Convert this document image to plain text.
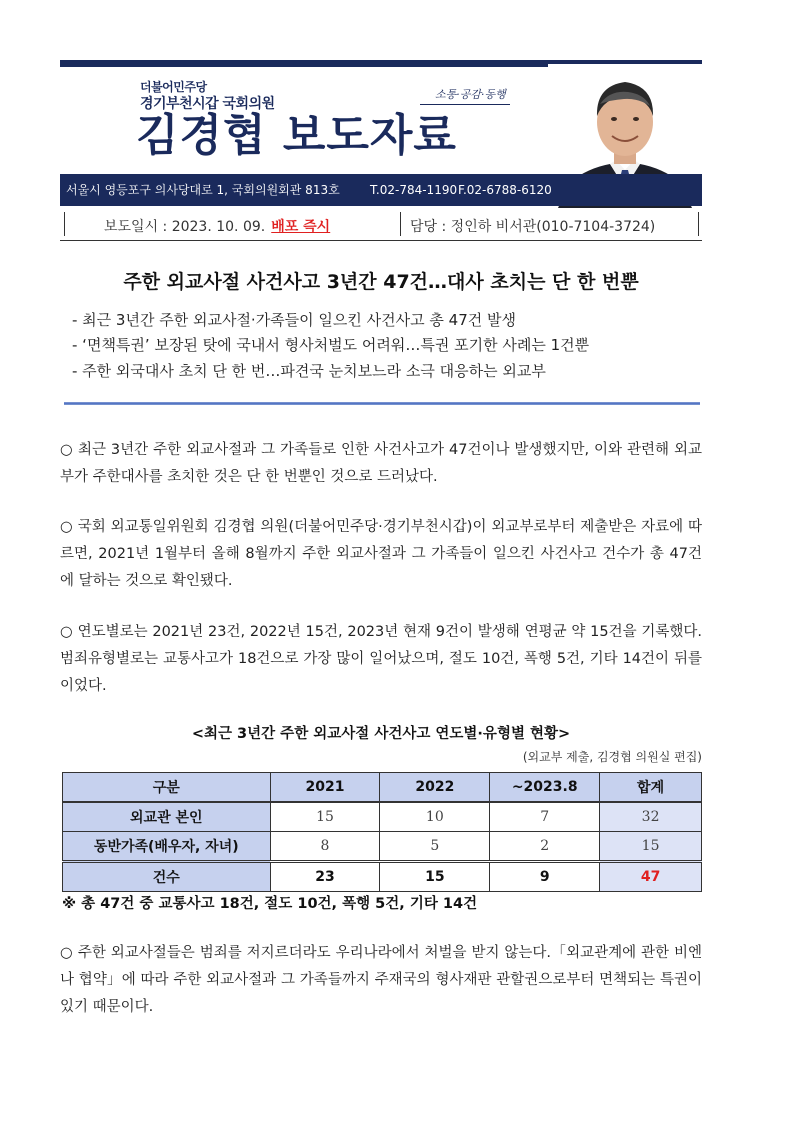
더불어민주당
경기부천시갑 국회의원
김경협 보도자료
소통·공감·동행
서울시 영등포구 의사당대로 1, 국회의원회관 813호	T.02-784-1190 F.02-6788-6120
보도일시 : 2023. 10. 09. 배포 즉시	담당 : 정인하 비서관(010-7104-3724)
주한 외교사절 사건사고 3년간 47건…대사 초치는 단 한 번뿐
- 최근 3년간 주한 외교사절·가족들이 일으킨 사건사고 총 47건 발생
- ‘면책특권’ 보장된 탓에 국내서 형사처벌도 어려워…특권 포기한 사례는 1건뿐
- 주한 외국대사 초치 단 한 번…파견국 눈치보느라 소극 대응하는 외교부
○ 최근 3년간 주한 외교사절과 그 가족들로 인한 사건사고가 47건이나 발생했지만, 이와 관련해 외교부가 주한대사를 초치한 것은 단 한 번뿐인 것으로 드러났다.
○ 국회 외교통일위원회 김경협 의원(더불어민주당·경기부천시갑)이 외교부로부터 제출받은 자료에 따르면, 2021년 1월부터 올해 8월까지 주한 외교사절과 그 가족들이 일으킨 사건사고 건수가 총 47건에 달하는 것으로 확인됐다.
○ 연도별로는 2021년 23건, 2022년 15건, 2023년 현재 9건이 발생해 연평균 약 15건을 기록했다. 범죄유형별로는 교통사고가 18건으로 가장 많이 일어났으며, 절도 10건, 폭행 5건, 기타 14건이 뒤를 이었다.
<최근 3년간 주한 외교사절 사건사고 연도별·유형별 현황>
(외교부 제출, 김경협 의원실 편집)
구분	2021	2022	~2023.8	합계
외교관 본인	15	10	7	32
동반가족(배우자, 자녀)	8	5	2	15
건수	23	15	9	47
※ 총 47건 중 교통사고 18건, 절도 10건, 폭행 5건, 기타 14건
○ 주한 외교사절들은 범죄를 저지르더라도 우리나라에서 처벌을 받지 않는다.「외교관계에 관한 비엔나 협약」에 따라 주한 외교사절과 그 가족들까지 주재국의 형사재판 관할권으로부터 면책되는 특권이 있기 때문이다.
